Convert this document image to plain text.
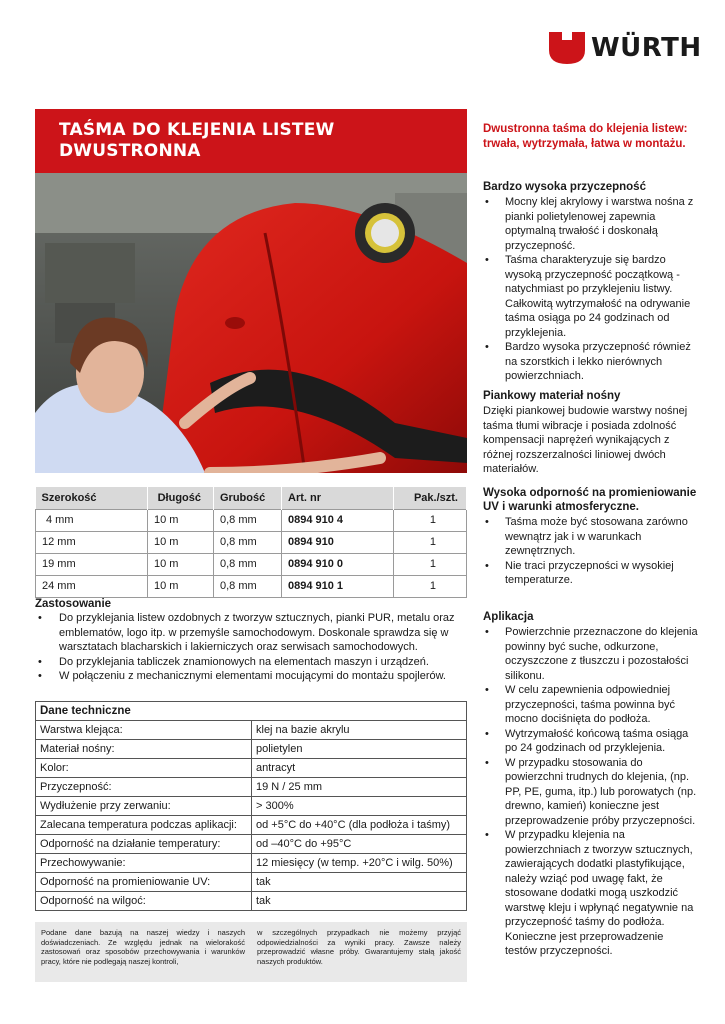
WÜRTH
TAŚMA DO KLEJENIA LISTEW
DWUSTRONNA
Szerokość	Długość	Grubość	Art. nr	Pak./szt.
4 mm	10 m	0,8 mm	0894 910 4	1
12 mm	10 m	0,8 mm	0894 910	1
19 mm	10 m	0,8 mm	0894 910 0	1
24 mm	10 m	0,8 mm	0894 910 1	1
Zastosowanie
• Do przyklejania listew ozdobnych z tworzyw sztucznych, pianki PUR, metalu oraz emblematów, logo itp. w przemyśle samochodowym. Doskonale sprawdza się w warsztatach blacharskich i lakierniczych oraz serwisach samochodowych.
• Do przyklejania tabliczek znamionowych na elementach maszyn i urządzeń.
• W połączeniu z mechanicznymi elementami mocującymi do montażu spojlerów.
Dane techniczne	
Warstwa klejąca:	klej na bazie akrylu
Materiał nośny:	polietylen
Kolor:	antracyt
Przyczepność:	19 N / 25 mm
Wydłużenie przy zerwaniu:	> 300%
Zalecana temperatura podczas aplikacji:	od +5°C do +40°C (dla podłoża i taśmy)
Odporność na działanie temperatury:	od –40°C do +95°C
Przechowywanie:	12 miesięcy (w temp. +20°C i wilg. 50%)
Odporność na promieniowanie UV:	tak
Odporność na wilgoć:	tak
Podane dane bazują na naszej wiedzy i naszych doświadczeniach. Ze względu jednak na wielorakość zastosowań oraz sposobów przechowywania i warunków pracy, które nie podlegają naszej kontroli,
w szczególnych przypadkach nie możemy przyjąć odpowiedzialności za wyniki pracy. Zawsze należy przeprowadzić własne próby. Gwarantujemy stałą jakość naszych produktów.
Dwustronna taśma do klejenia listew: trwała, wytrzymała, łatwa w montażu.
Bardzo wysoka przyczepność
• Mocny klej akrylowy i warstwa nośna z pianki polietylenowej zapewnia optymalną trwałość i doskonałą przyczepność.
• Taśma charakteryzuje się bardzo wysoką przyczepność początkową - natychmiast po przyklejeniu listwy. Całkowitą wytrzymałość na odrywanie taśma osiąga po 24 godzinach od przyklejenia.
• Bardzo wysoka przyczepność również na szorstkich i lekko nierównych powierzchniach.
Piankowy materiał nośny

Dzięki piankowej budowie warstwy nośnej taśma tłumi wibracje i posiada zdolność kompensacji naprężeń wynikających z różnej rozszerzalności liniowej dwóch materiałów.

Wysoka odporność na promieniowanie UV i warunki atmosferyczne.
• Taśma może być stosowana zarówno wewnątrz jak i w warunkach zewnętrznych.
• Nie traci przyczepności w wysokiej temperaturze.
Aplikacja
• Powierzchnie przeznaczone do klejenia powinny być suche, odkurzone, oczyszczone z tłuszczu i pozostałości silikonu.
• W celu zapewnienia odpowiedniej przyczepności, taśma powinna być mocno dociśnięta do podłoża.
• Wytrzymałość końcową taśma osiąga po 24 godzinach od przyklejenia.
• W przypadku stosowania do powierzchni trudnych do klejenia, (np. PP, PE, guma, itp.) lub porowatych (np. drewno, kamień) konieczne jest przeprowadzenie próby przyczepności.
• W przypadku klejenia na powierzchniach z tworzyw sztucznych, zawierających dodatki plastyfikujące, należy wziąć pod uwagę fakt, że stosowane dodatki mogą uszkodzić warstwę kleju i wpłynąć negatywnie na przyczepność taśmy do podłoża. Konieczne jest przeprowadzenie testów przyczepności.
